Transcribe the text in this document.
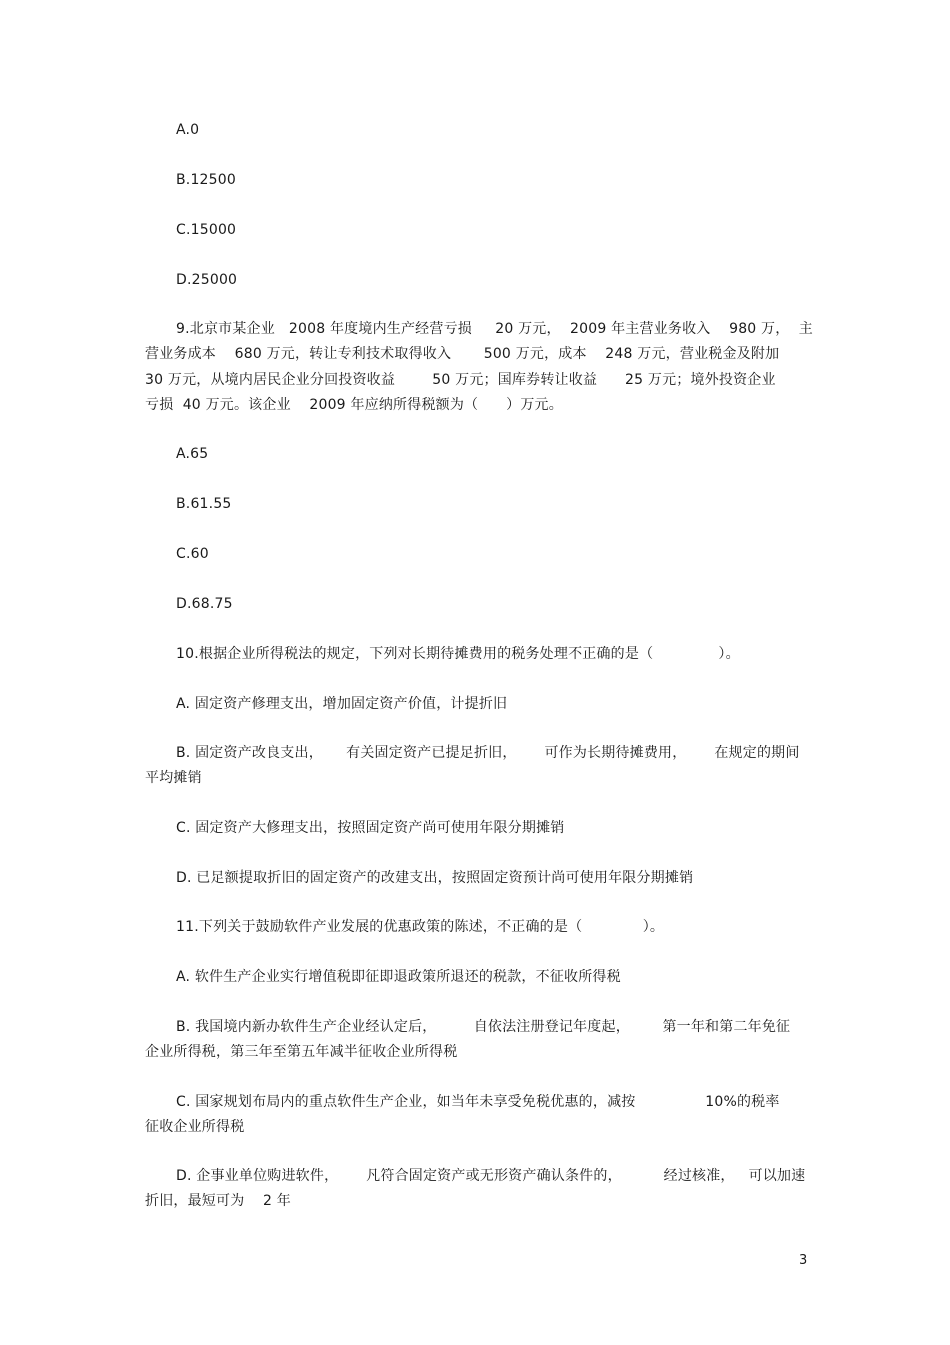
A.0

B.12500

C.15000

D.25000

9.北京市某企业   2008 年度境内生产经营亏损     20 万元，  2009 年主营业务收入    980 万，  主

营业务成本    680 万元，转让专利技术取得收入       500 万元，成本    248 万元，营业税金及附加

30 万元，从境内居民企业分回投资收益        50 万元；国库券转让收益      25 万元；境外投资企业

亏损  40 万元。该企业    2009 年应纳所得税额为（      ）万元。

A.65

B.61.55

C.60

D.68.75

10.根据企业所得税法的规定，下列对长期待摊费用的税务处理不正确的是（              ）。

A. 固定资产修理支出，增加固定资产价值，计提折旧

B. 固定资产改良支出，     有关固定资产已提足折旧，      可作为长期待摊费用，      在规定的期间

平均摊销

C. 固定资产大修理支出，按照固定资产尚可使用年限分期摊销

D. 已足额提取折旧的固定资产的改建支出，按照固定资预计尚可使用年限分期摊销

11.下列关于鼓励软件产业发展的优惠政策的陈述，不正确的是（             ）。

A. 软件生产企业实行增值税即征即退政策所退还的税款，不征收所得税

B. 我国境内新办软件生产企业经认定后，        自依法注册登记年度起，       第一年和第二年免征

企业所得税，第三年至第五年减半征收企业所得税

C. 国家规划布局内的重点软件生产企业，如当年未享受免税优惠的，减按               10%的税率

征收企业所得税

D. 企事业单位购进软件，      凡符合固定资产或无形资产确认条件的，         经过核准，   可以加速

折旧，最短可为    2 年

3
